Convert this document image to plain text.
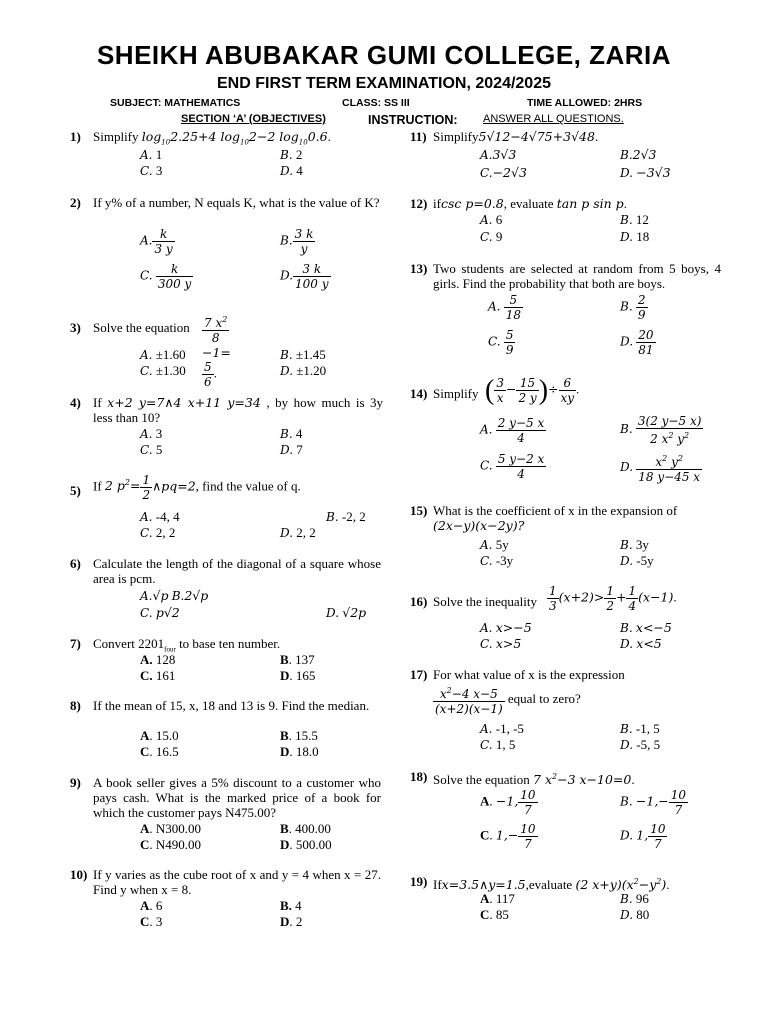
SHEIKH ABUBAKAR GUMI COLLEGE, ZARIA
END FIRST TERM EXAMINATION, 2024/2025
SUBJECT: MATHEMATICS	CLASS: SS III	TIME ALLOWED: 2HRS
SECTION ‘A’ (OBJECTIVES)	INSTRUCTION: ANSWER ALL QUESTIONS.
1) Simplify $\log_{10}2.25+4$ $\log_{10}2-2$ $\log_{10}0.6$.
A. 1	B. 2
C. 3	D. 4
2) If y% of a number, N equals K, what is the value of K?
A. $\frac{k}{3 y}$	B. $\frac{3 k}{y}$
C. $\frac{k}{300 y}$	D. $\frac{3 k}{100 y}$
3) Solve the equation $\frac{7 x^2}{8}$
−1=
$\frac{5}{6}$ .
A. ±1.60	B. ±1.45
C. ±1.30	D. ±1.20
4) If x+2 y=7∧4 x+11 y=34 , by how much is 3y less than 10?
A. 3	B. 4
C. 5	D. 7
5) If 2 $p^2= \frac{1}{2}$ ∧pq=2, find the value of q.
A. -4, 4	B. -2, 2
C. 2, 2	D. 2, 2
6) Calculate the length of the diagonal of a square whose area is pcm.
A.√p B.2√p
C. p√2	D. √2p
7) Convert $2201_{four}$ to base ten number.
A. 128	B. 137
C. 161	D. 165
8) If the mean of 15, x, 18 and 13 is 9. Find the median.
A. 15.0	B. 15.5
C. 16.5	D. 18.0
9) A book seller gives a 5% discount to a customer who pays cash. What is the marked price of a book for which the customer pays N475.00?
A. N300.00	B. 400.00
C. N490.00	D. 500.00
10) If y varies as the cube root of x and y = 4 when x = 27. Find y when x = 8.
A. 6	B. 4
C. 3	D. 2
11) Simplify5√12−4√75+3√48.
A.3√3	B.2√3
C.−2√3	D. −3√3
12) ifcsc p=0.8, evaluate tan p sin p.
A. 6	B. 12
C. 9	D. 18
13) Two students are selected at random from 5 boys, 4 girls. Find the probability that both are boys.
A. $\frac{5}{18}$	B. $\frac{2}{9}$
C. $\frac{5}{9}$	D. $\frac{20}{81}$
14) Simplify ( $\frac{3}{x} - \frac{15}{2 y}$ )÷ $\frac{6}{xy}$ .
A. $\frac{2 y-5 x}{4}$	B. $\frac{3(2 y-5 x)}{2 x^2 y^2}$
C. $\frac{5 y-2 x}{4}$	D. $\frac{x^2 y^2}{18 y-45 x}$
15) What is the coefficient of x in the expansion of
(2x−y)(x−2y)?
A. 5y	B. 3y
C. -3y	D. -5y
16) Solve the inequality $\frac{1}{3} (x+2)> \frac{1}{2} + \frac{1}{4} (x-1)$.
A. x>−5	B. x<−5
C. x>5	D. x<5
17) For what value of x is the expression
$\frac{x^2-4 x-5}{(x+2)(x-1)}$ equal to zero?
A. -1, -5	B. -1, 5
C. 1, 5	D. -5, 5
18) Solve the equation 7 $x^2-3$ x−10=0.
A. −1, $\frac{10}{7}$	B. $-1,- \frac{10}{7}$
C. $1,- \frac{10}{7}$	D. 1, $\frac{10}{7}$
19) Ifx=3.5∧y=1.5,evaluate (2 $x+y)(x^2-y^2)$.
A. 117	B. 96
C. 85	D. 80
